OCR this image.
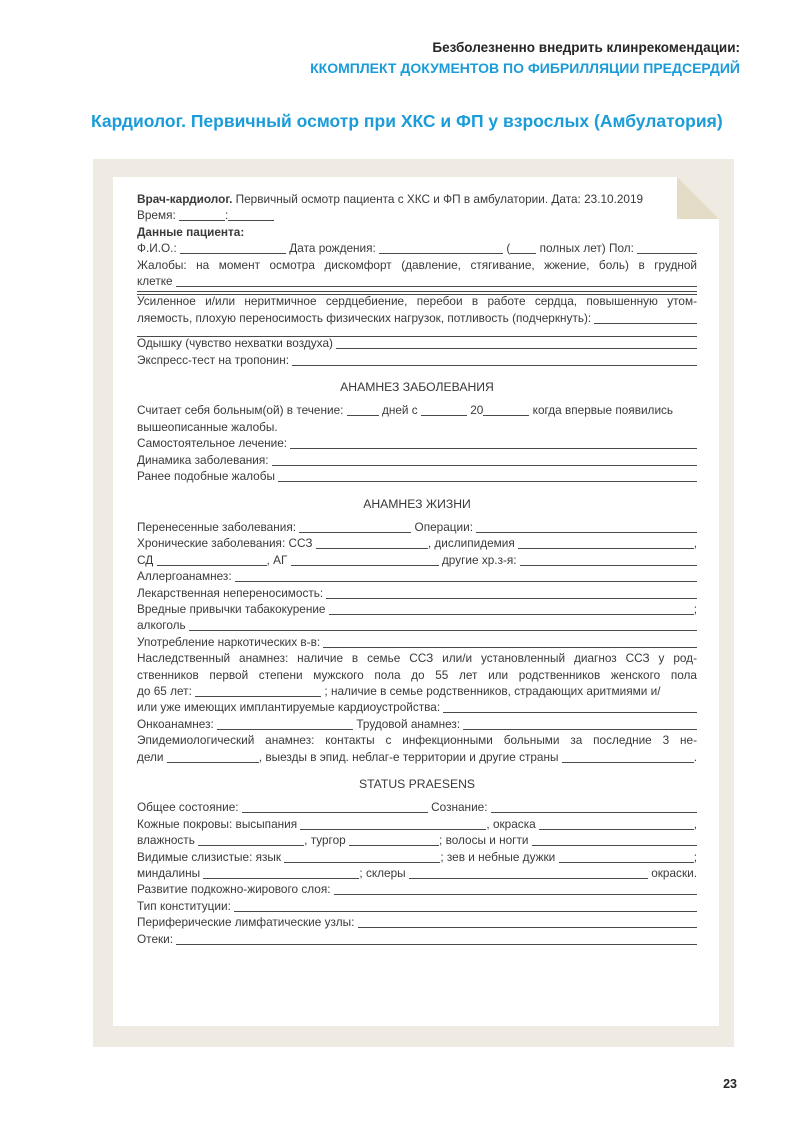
Безболезненно внедрить клинрекомендации:
ККОМПЛЕКТ ДОКУМЕНТОВ ПО ФИБРИЛЛЯЦИИ ПРЕДСЕРДИЙ
Кардиолог. Первичный осмотр при ХКС и ФП у взрослых (Амбулатория)
Врач-кардиолог. Первичный осмотр пациента с ХКС и ФП в амбулатории. Дата: 23.10.2019
Время:	:
Данные пациента:
Ф.И.О.:	Дата рождения:	( полных лет) Пол:
Жалобы: на момент осмотра дискомфорт (давление, стягивание, жжение, боль) в грудной
клетке
Усиленное и/или неритмичное сердцебиение, перебои в работе сердца, повышенную утом-
ляемость, плохую переносимость физических нагрузок, потливость (подчеркнуть):
Одышку (чувство нехватки воздуха)
Экспресс-тест на тропонин:
АНАМНЕЗ ЗАБОЛЕВАНИЯ
Считает себя больным(ой) в течение:	дней с	20	когда впервые появились
вышеописанные жалобы.
Самостоятельное лечение:
Динамика заболевания:
Ранее подобные жалобы
АНАМНЕЗ ЖИЗНИ
Перенесенные заболевания:	Операции:
Хронические заболевания: ССЗ	, дислипидемия	,
СД	, АГ	другие хр.з-я:
Аллергоанамнез:
Лекарственная непереносимость:
Вредные привычки табакокурение	;
алкоголь
Употребление наркотических в-в:
Наследственный анамнез: наличие в семье ССЗ или/и установленный диагноз ССЗ у род-
ственников первой степени мужского пола до 55 лет или родственников женского пола
до 65 лет:	; наличие в семье родственников, страдающих аритмиями и/
или уже имеющих имплантируемые кардиоустройства:
Онкоанамнез:	Трудовой анамнез:
Эпидемиологический анамнез: контакты с инфекционными больными за последние 3 не-
дели	, выезды в эпид. неблаг-е территории и другие страны	.
STATUS PRAESENS
Общее состояние:	Сознание:
Кожные покровы: высыпания	, окраска	,
влажность	, тургор	; волосы и ногти
Видимые слизистые: язык	; зев и небные дужки	;
миндалины	; склеры	окраски.
Развитие подкожно-жирового слоя:
Тип конституции:
Периферические лимфатические узлы:
Отеки:
23
